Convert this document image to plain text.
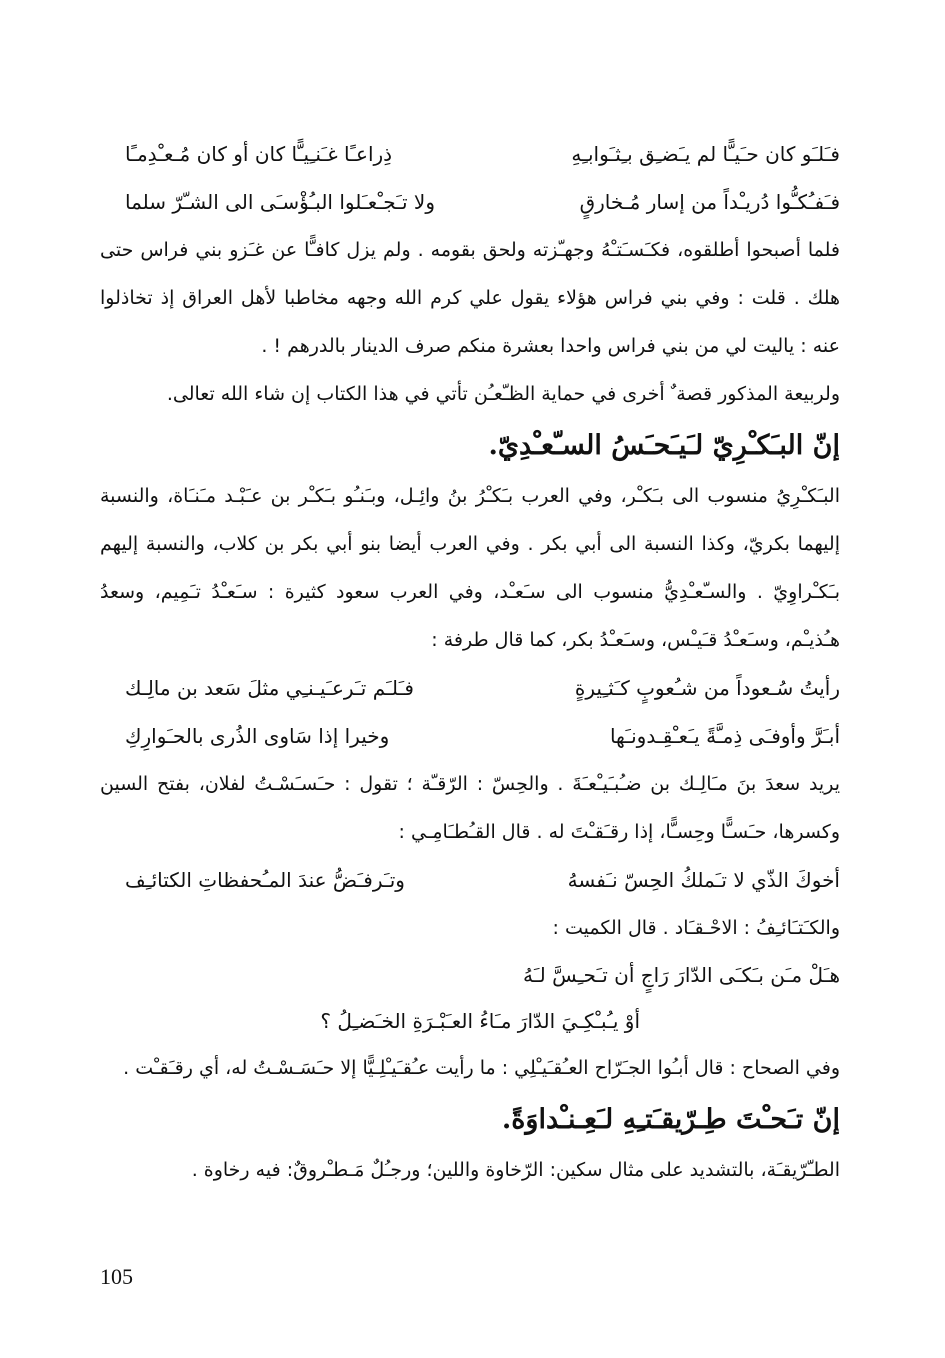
فـَلـَو كان حـَيـًّا لم يـَضـِق بـِثـَوابـِهِ
ذِراعـًا غـَنـِيـًّا كان أو كان مُـعـْدِمـًا
فـَفـُكـُّوا دُريـْداً من إسار مُـخارقٍ
ولا تـَجـْعـَلوا البـُؤْسـَى الى الشـّرّ سلما

فلما أصبحوا أطلقوه، فكـَسـَتـْهُ وجهـّزته ولحق بقومه . ولم يزل كافـًّا عن غـَزو بني فراس حتى هلك . قلت : وفي بني فراس هؤلاء يقول علي كرم الله وجهه مخاطبا لأهل العراق إذ تخاذلوا عنه : ياليت لي من بني فراس واحدا بعشرة منكم صرف الدينار بالدرهم ! .

ولربيعة المذكور قصة ٌ أخرى في حماية الظـّعـُن تأتي في هذا الكتاب إن شاء الله تعالى.

إنّ البـَكـْرِيّ لـَيـَحـَسُ السـّعـْدِيّ.

البـَكـْرِيُ منسوب الى بـَكـْر، وفي العرب بـَكـْرُ بنُ وائِـل، وبـَنـُو بـَكـْر بن عـَبْـد مـَنـَاة، والنسبة إليهما بكريّ، وكذا النسبة الى أبي بكر . وفي العرب أيضا بنو أبي بكر بن كلاب، والنسبة إليهم بـَكـْراوِيّ . والسـّعـْدِيُّ منسوب الى سـَعـْد، وفي العرب سعود كثيرة : سـَعـْدُ تـَمِيم، وسعدُ هـُذيـْم، وسـَعـْدُ قـَيـْس، وسـَعـْدُ بكر، كما قال طرفة :

رأيتُ سُـعوداً من شـُعوبٍ كـَثـِيرةٍ
فـَلـَم تـَرعـَيـنـِي مثلَ سَعد بن مالِـك
أبـَرَّ وأوفـَى ذِمـَّةً يـَعـْقِـدونـَها
وخيرا إذا سَاوى الذُرى بالحـَوارِكِ

يريد سعدَ بنَ مـَالِـك بن ضـُبـَيـْعـَةَ . والحِسّ : الرّقـّة ؛ تقول : حـَسـَسْـتُ لفلان، بفتح السين وكسرها، حـَسـًّا وحِسـًّا، إذا رقـَقـْتَ له . قال القـُطـَامِـي :

أخوكَ الذّي لا تـَملكُ الحِسّ نـَفسهُ
وتـَرفـَضُّ عندَ المـُحفظاتِ الكتائـِف

والكـَتـَائـِفُ : الاحْـقـَاد . قال الكميت :

هـَلْ مـَن بـَكـَى الدّارَ رَاجٍ أن تـَحـِسَّ لـَهُ
أوْ يـُبـْكِـيَ الدّارَ مـَاءُ العـَبْـرَةِ الخـَضـِلُ ؟

وفي الصحاح : قال أبـُوا الجـَرّاح العـُقـَيـْلِي : ما رأيت عـُقـَيـْلِـيًّا إلا حـَسَـسْـتُ له، أي رقـَقـْت .

إنّ تـَحـْتَ طِـرّيقـَتـِهِ لـَعِـنـْداوَةً.

الطـّرّيقـَة، بالتشديد على مثال سكين: الرّخاوة واللين؛ ورجـُلٌ مَـطـْروقٌ: فيه رخاوة .

105
